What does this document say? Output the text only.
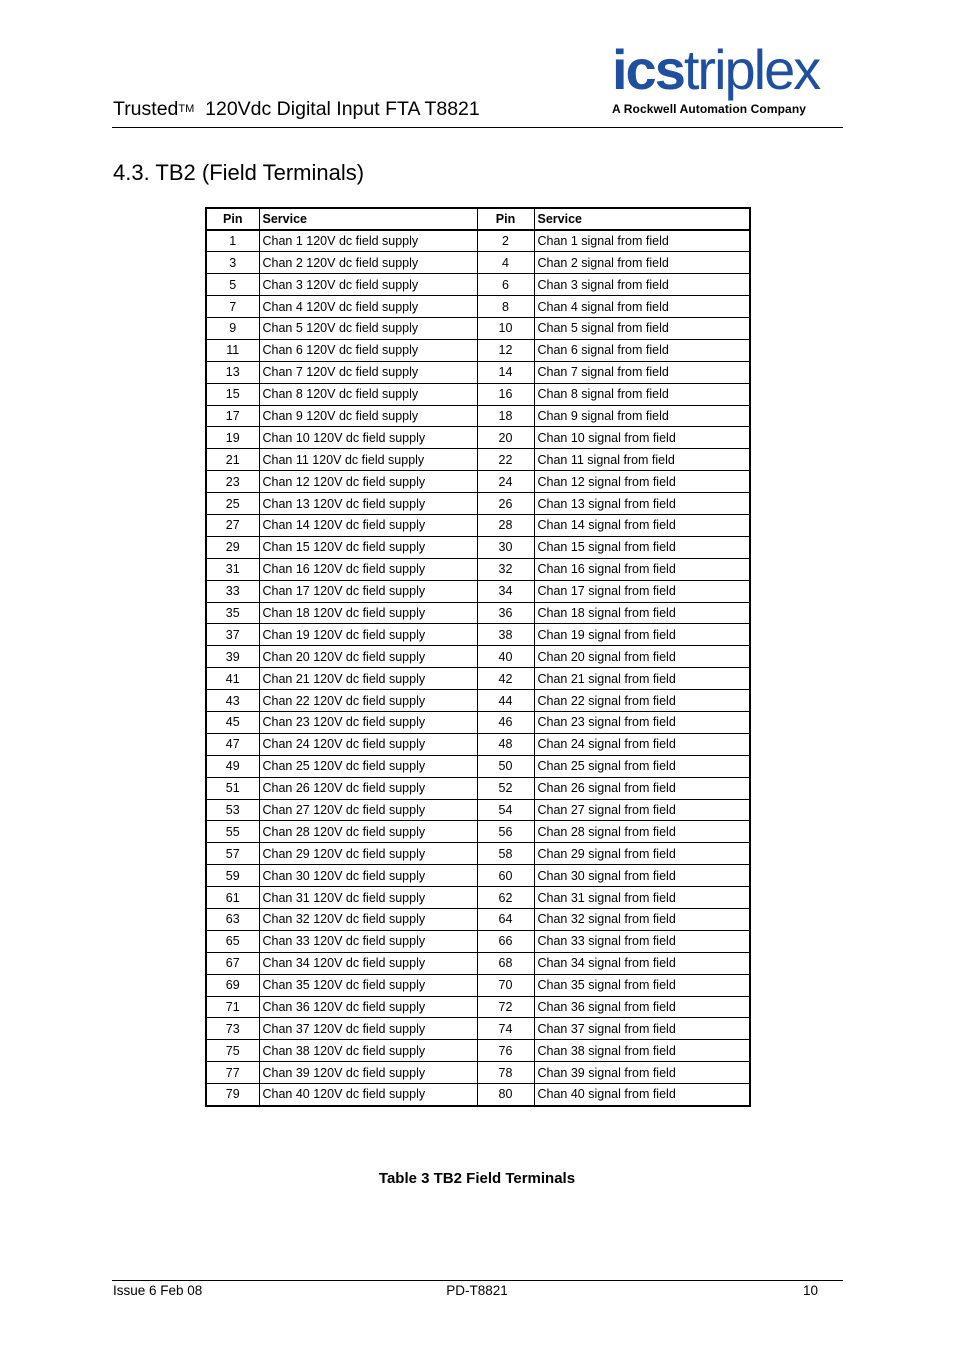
Trusted™ 120Vdc Digital Input FTA T8821
icstriplex
A Rockwell Automation Company
4.3. TB2 (Field Terminals)
Pin	Service	Pin	Service
1	Chan 1 120V dc field supply	2	Chan 1 signal from field
3	Chan 2 120V dc field supply	4	Chan 2 signal from field
5	Chan 3 120V dc field supply	6	Chan 3 signal from field
7	Chan 4 120V dc field supply	8	Chan 4 signal from field
9	Chan 5 120V dc field supply	10	Chan 5 signal from field
11	Chan 6 120V dc field supply	12	Chan 6 signal from field
13	Chan 7 120V dc field supply	14	Chan 7 signal from field
15	Chan 8 120V dc field supply	16	Chan 8 signal from field
17	Chan 9 120V dc field supply	18	Chan 9 signal from field
19	Chan 10 120V dc field supply	20	Chan 10 signal from field
21	Chan 11 120V dc field supply	22	Chan 11 signal from field
23	Chan 12 120V dc field supply	24	Chan 12 signal from field
25	Chan 13 120V dc field supply	26	Chan 13 signal from field
27	Chan 14 120V dc field supply	28	Chan 14 signal from field
29	Chan 15 120V dc field supply	30	Chan 15 signal from field
31	Chan 16 120V dc field supply	32	Chan 16 signal from field
33	Chan 17 120V dc field supply	34	Chan 17 signal from field
35	Chan 18 120V dc field supply	36	Chan 18 signal from field
37	Chan 19 120V dc field supply	38	Chan 19 signal from field
39	Chan 20 120V dc field supply	40	Chan 20 signal from field
41	Chan 21 120V dc field supply	42	Chan 21 signal from field
43	Chan 22 120V dc field supply	44	Chan 22 signal from field
45	Chan 23 120V dc field supply	46	Chan 23 signal from field
47	Chan 24 120V dc field supply	48	Chan 24 signal from field
49	Chan 25 120V dc field supply	50	Chan 25 signal from field
51	Chan 26 120V dc field supply	52	Chan 26 signal from field
53	Chan 27 120V dc field supply	54	Chan 27 signal from field
55	Chan 28 120V dc field supply	56	Chan 28 signal from field
57	Chan 29 120V dc field supply	58	Chan 29 signal from field
59	Chan 30 120V dc field supply	60	Chan 30 signal from field
61	Chan 31 120V dc field supply	62	Chan 31 signal from field
63	Chan 32 120V dc field supply	64	Chan 32 signal from field
65	Chan 33 120V dc field supply	66	Chan 33 signal from field
67	Chan 34 120V dc field supply	68	Chan 34 signal from field
69	Chan 35 120V dc field supply	70	Chan 35 signal from field
71	Chan 36 120V dc field supply	72	Chan 36 signal from field
73	Chan 37 120V dc field supply	74	Chan 37 signal from field
75	Chan 38 120V dc field supply	76	Chan 38 signal from field
77	Chan 39 120V dc field supply	78	Chan 39 signal from field
79	Chan 40 120V dc field supply	80	Chan 40 signal from field
Table 3 TB2 Field Terminals
Issue 6 Feb 08	PD-T8821	10
